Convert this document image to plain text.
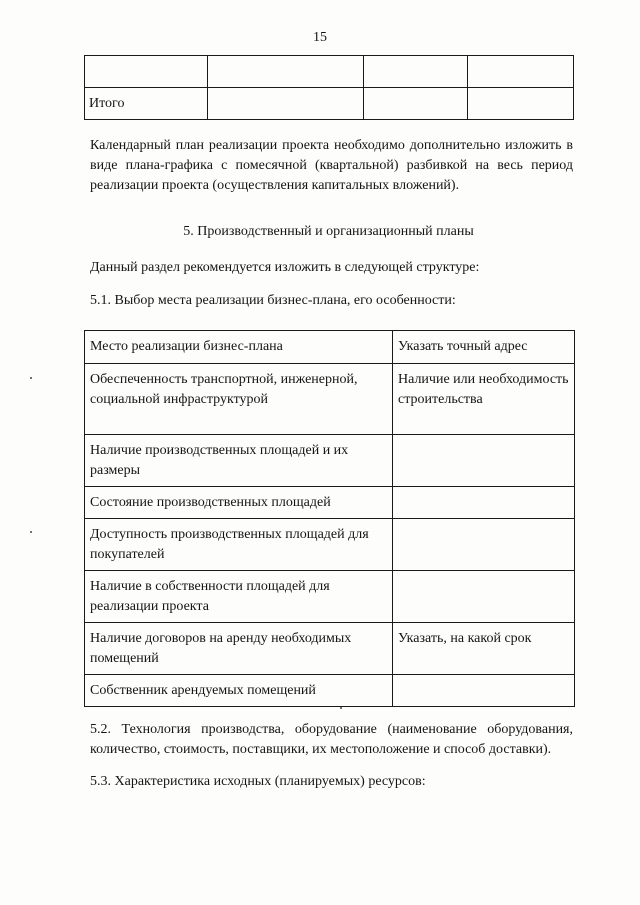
15

Итого			

Календарный план реализации проекта необходимо дополнительно изложить в виде плана-графика с помесячной (квартальной) разбивкой на весь период реализации проекта (осуществления капитальных вложений).

5. Производственный и организационный планы

Данный раздел рекомендуется изложить в следующей структуре:

5.1. Выбор места реализации бизнес-плана, его особенности:

Место реализации бизнес-плана	Указать точный адрес
Обеспеченность транспортной, инженерной, социальной инфраструктурой	Наличие или необходимость строительства
Наличие производственных площадей и их размеры	
Состояние производственных площадей	
Доступность производственных площадей для покупателей	
Наличие в собственности площадей для реализации проекта	
Наличие договоров на аренду необходимых помещений	Указать, на какой срок
Собственник арендуемых помещений	

5.2. Технология производства, оборудование (наименование оборудования, количество, стоимость, поставщики, их местоположение и способ доставки).

5.3. Характеристика исходных (планируемых) ресурсов:
